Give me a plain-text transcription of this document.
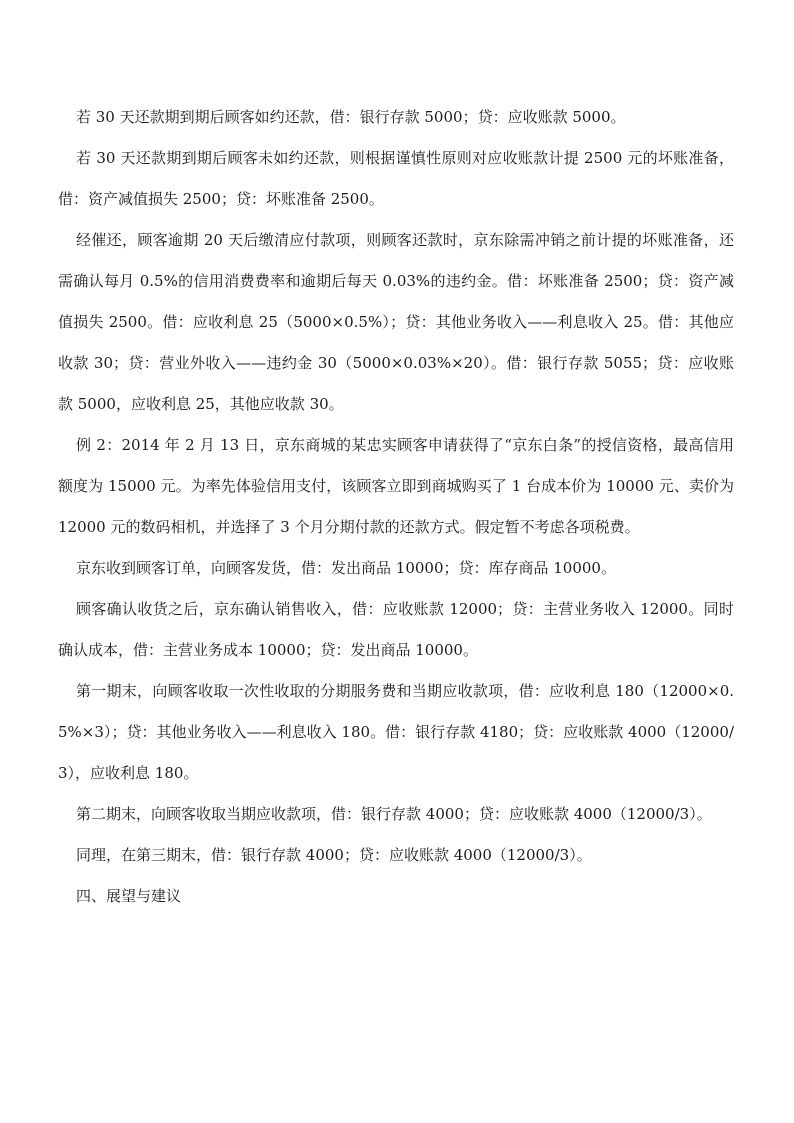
若 30 天还款期到期后顾客如约还款，借：银行存款 5000；贷：应收账款 5000。

若 30 天还款期到期后顾客未如约还款，则根据谨慎性原则对应收账款计提 2500 元的坏账准备，借：资产减值损失 2500；贷：坏账准备 2500。

经催还，顾客逾期 20 天后缴清应付款项，则顾客还款时，京东除需冲销之前计提的坏账准备，还需确认每月 0.5%的信用消费费率和逾期后每天 0.03%的违约金。借：坏账准备 2500；贷：资产减值损失 2500。借：应收利息 25（5000×0.5%）；贷：其他业务收入——利息收入 25。借：其他应收款 30；贷：营业外收入——违约金 30（5000×0.03%×20）。借：银行存款 5055；贷：应收账款 5000，应收利息 25，其他应收款 30。

例 2：2014 年 2 月 13 日，京东商城的某忠实顾客申请获得了“京东白条”的授信资格，最高信用额度为 15000 元。为率先体验信用支付，该顾客立即到商城购买了 1 台成本价为 10000 元、卖价为 12000 元的数码相机，并选择了 3 个月分期付款的还款方式。假定暂不考虑各项税费。

京东收到顾客订单，向顾客发货，借：发出商品 10000；贷：库存商品 10000。

顾客确认收货之后，京东确认销售收入，借：应收账款 12000；贷：主营业务收入 12000。同时确认成本，借：主营业务成本 10000；贷：发出商品 10000。

第一期末，向顾客收取一次性收取的分期服务费和当期应收款项，借：应收利息 180（12000×0.5%×3）；贷：其他业务收入——利息收入 180。借：银行存款 4180；贷：应收账款 4000（12000/3），应收利息 180。

第二期末，向顾客收取当期应收款项，借：银行存款 4000；贷：应收账款 4000（12000/3）。

同理，在第三期末，借：银行存款 4000；贷：应收账款 4000（12000/3）。

四、展望与建议
